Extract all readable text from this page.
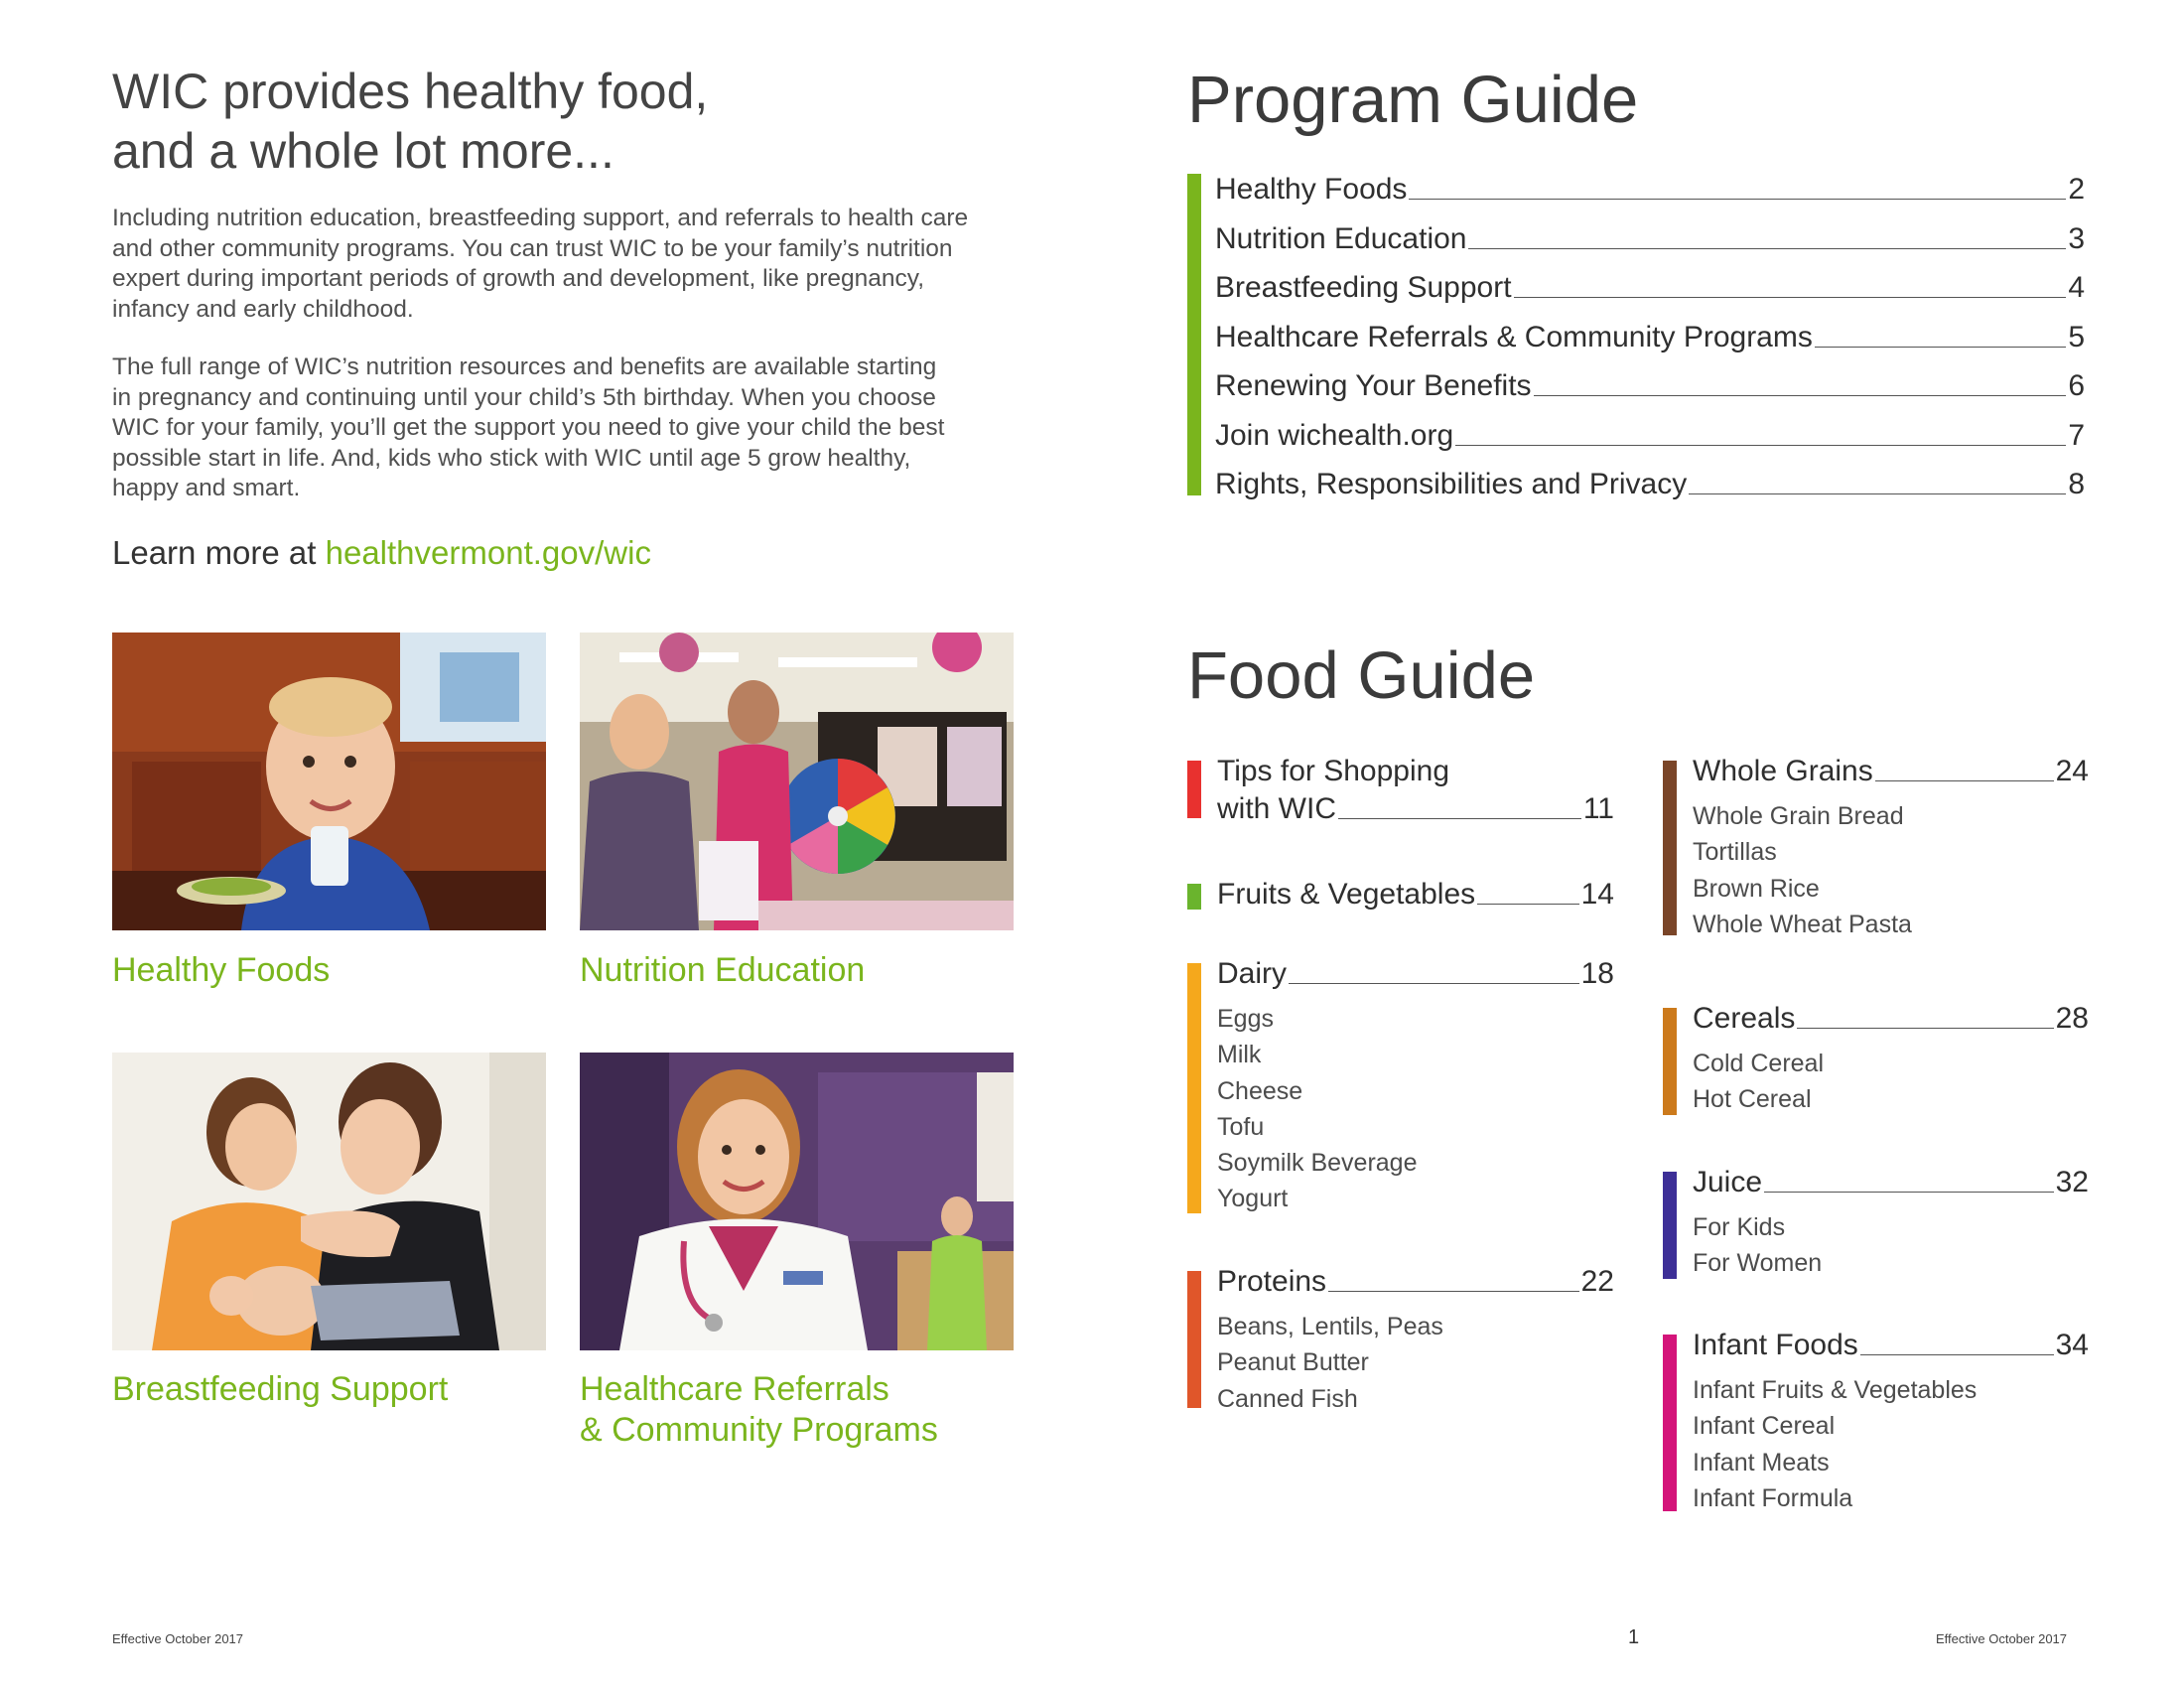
WIC provides healthy food,
and a whole lot more...
Including nutrition education, breastfeeding support, and referrals to health care
and other community programs. You can trust WIC to be your family’s nutrition
expert during important periods of growth and development, like pregnancy,
infancy and early childhood.
The full range of WIC’s nutrition resources and benefits are available starting
in pregnancy and continuing until your child’s 5th birthday. When you choose
WIC for your family, you’ll get the support you need to give your child the best
possible start in life. And, kids who stick with WIC until age 5 grow healthy,
happy and smart.
Learn more at healthvermont.gov/wic
Healthy Foods	Nutrition Education
Breastfeeding Support	Healthcare Referrals
& Community Programs
Program Guide
Healthy Foods	2
Nutrition Education	3
Breastfeeding Support	4
Healthcare Referrals & Community Programs	5
Renewing Your Benefits	6
Join wichealth.org	7
Rights, Responsibilities and Privacy	8
Food Guide
Tips for Shopping
with WIC	11
Fruits & Vegetables	14
Dairy	18
Eggs
Milk
Cheese
Tofu
Soymilk Beverage
Yogurt
Proteins	22
Beans, Lentils, Peas
Peanut Butter
Canned Fish
Whole Grains	24
Whole Grain Bread
Tortillas
Brown Rice
Whole Wheat Pasta
Cereals	28
Cold Cereal
Hot Cereal
Juice	32
For Kids
For Women
Infant Foods	34
Infant Fruits & Vegetables
Infant Cereal
Infant Meats
Infant Formula
Effective October 2017	1	Effective October 2017
